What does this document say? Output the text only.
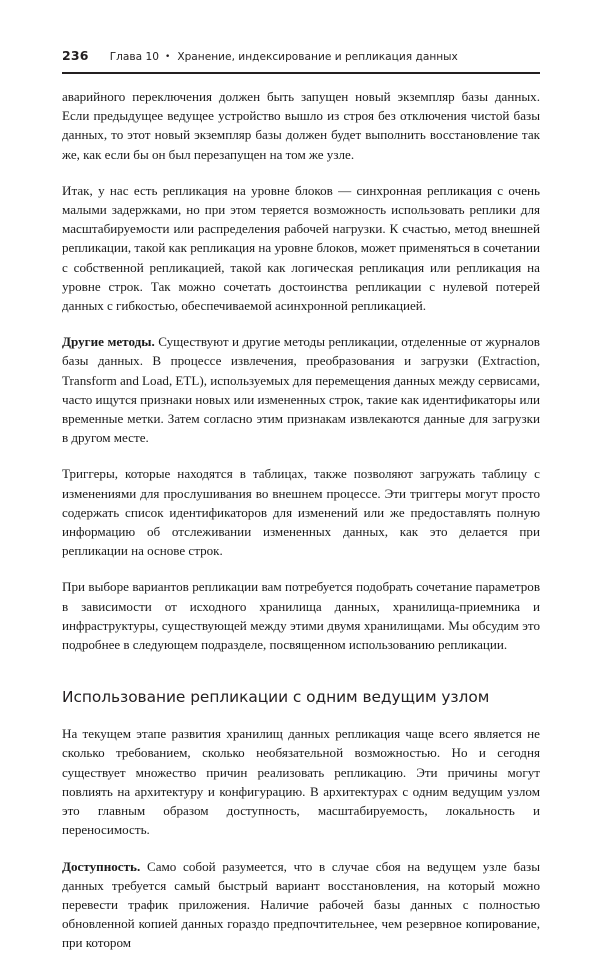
236 Глава 10 • Хранение, индексирование и репликация данных

аварийного переключения должен быть запущен новый экземпляр базы данных. Если предыдущее ведущее устройство вышло из строя без отключения чистой базы данных, то этот новый экземпляр базы должен будет выполнить восстановление так же, как если бы он был перезапущен на том же узле.

Итак, у нас есть репликация на уровне блоков — синхронная репликация с очень малыми задержками, но при этом теряется возможность использовать реплики для масштабируемости или распределения рабочей нагрузки. К счастью, метод внешней репликации, такой как репликация на уровне блоков, может применяться в сочетании с собственной репликацией, такой как логическая репликация или репликация на уровне строк. Так можно сочетать достоинства репликации с нулевой потерей данных с гибкостью, обеспечиваемой асинхронной репликацией.

Другие методы. Существуют и другие методы репликации, отделенные от журналов базы данных. В процессе извлечения, преобразования и загрузки (Extraction, Transform and Load, ETL), используемых для перемещения данных между сервисами, часто ищутся признаки новых или измененных строк, такие как идентификаторы или временные метки. Затем согласно этим признакам извлекаются данные для загрузки в другом месте.

Триггеры, которые находятся в таблицах, также позволяют загружать таблицу с изменениями для прослушивания во внешнем процессе. Эти триггеры могут просто содержать список идентификаторов для изменений или же предоставлять полную информацию об отслеживании измененных данных, как это делается при репликации на основе строк.

При выборе вариантов репликации вам потребуется подобрать сочетание параметров в зависимости от исходного хранилища данных, хранилища-приемника и инфраструктуры, существующей между этими двумя хранилищами. Мы обсудим это подробнее в следующем подразделе, посвященном использованию репликации.

Использование репликации с одним ведущим узлом

На текущем этапе развития хранилищ данных репликация чаще всего является не сколько требованием, сколько необязательной возможностью. Но и сегодня существует множество причин реализовать репликацию. Эти причины могут повлиять на архитектуру и конфигурацию. В архитектурах с одним ведущим узлом это главным образом доступность, масштабируемость, локальность и переносимость.

Доступность. Само собой разумеется, что в случае сбоя на ведущем узле базы данных требуется самый быстрый вариант восстановления, на который можно перевести трафик приложения. Наличие рабочей базы данных с полностью обновленной копией данных гораздо предпочтительнее, чем резервное копирование, при котором
